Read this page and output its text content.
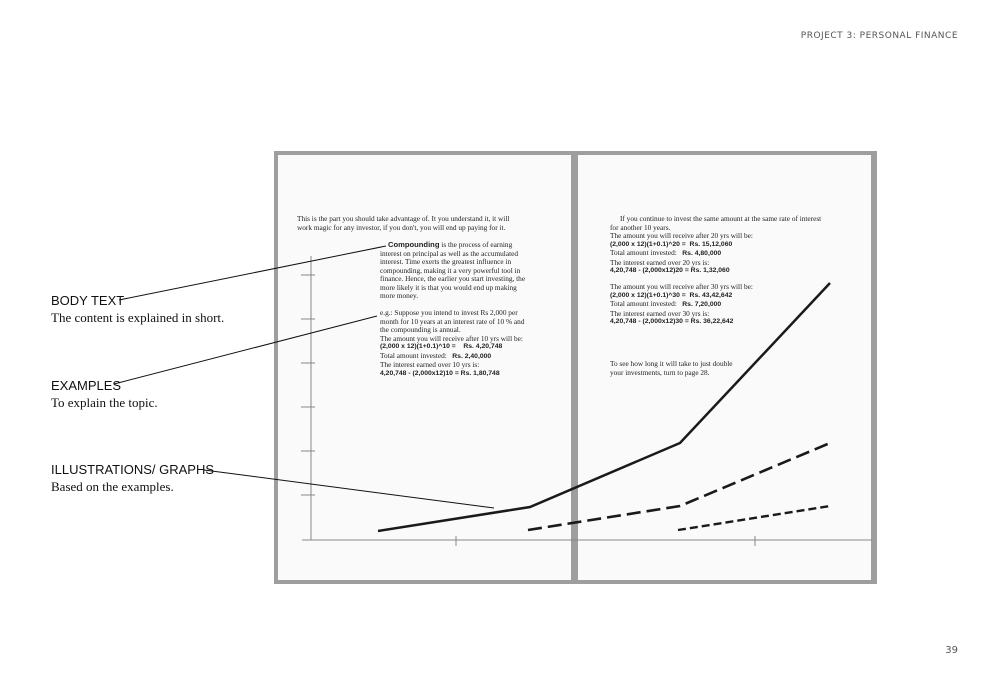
PROJECT 3: PERSONAL FINANCE
BODY TEXT
The content is explained in short.
EXAMPLES
To explain the topic.
ILLUSTRATIONS/ GRAPHS
Based on the examples.
This is the part you should take advantage of. It you understand it, it will
work magic for any investor, if you don't, you will end up paying for it.
Compounding is the process of earning
interest on principal as well as the accumulated
interest. Time exerts the greatest influence in
compounding, making it a very powerful tool in
finance. Hence, the earlier you start investing, the
more likely it is that you would end up making
more money.
e.g.: Suppose you intend to invest Rs 2,000 per
month for 10 years at an interest rate of 10 % and
the compounding is annual.
The amount you will receive after 10 yrs will be:
(2,000 x 12)(1+0.1)^10 = Rs. 4,20,748
Total amount invested: Rs. 2,40,000
The interest earned over 10 yrs is:
4,20,748 - (2,000x12)10 = Rs. 1,80,748
If you continue to invest the same amount at the same rate of interest
for another 10 years.
The amount you will receive after 20 yrs will be:
(2,000 x 12)(1+0.1)^20 = Rs. 15,12,060
Total amount invested: Rs. 4,80,000
The interest earned over 20 yrs is:
4,20,748 - (2,000x12)20 = Rs. 1,32,060
The amount you will receive after 30 yrs will be:
(2,000 x 12)(1+0.1)^30 = Rs. 43,42,642
Total amount invested: Rs. 7,20,000
The interest earned over 30 yrs is:
4,20,748 - (2,000x12)30 = Rs. 36,22,642
To see how long it will take to just double
your investments, turn to page 28.
39
